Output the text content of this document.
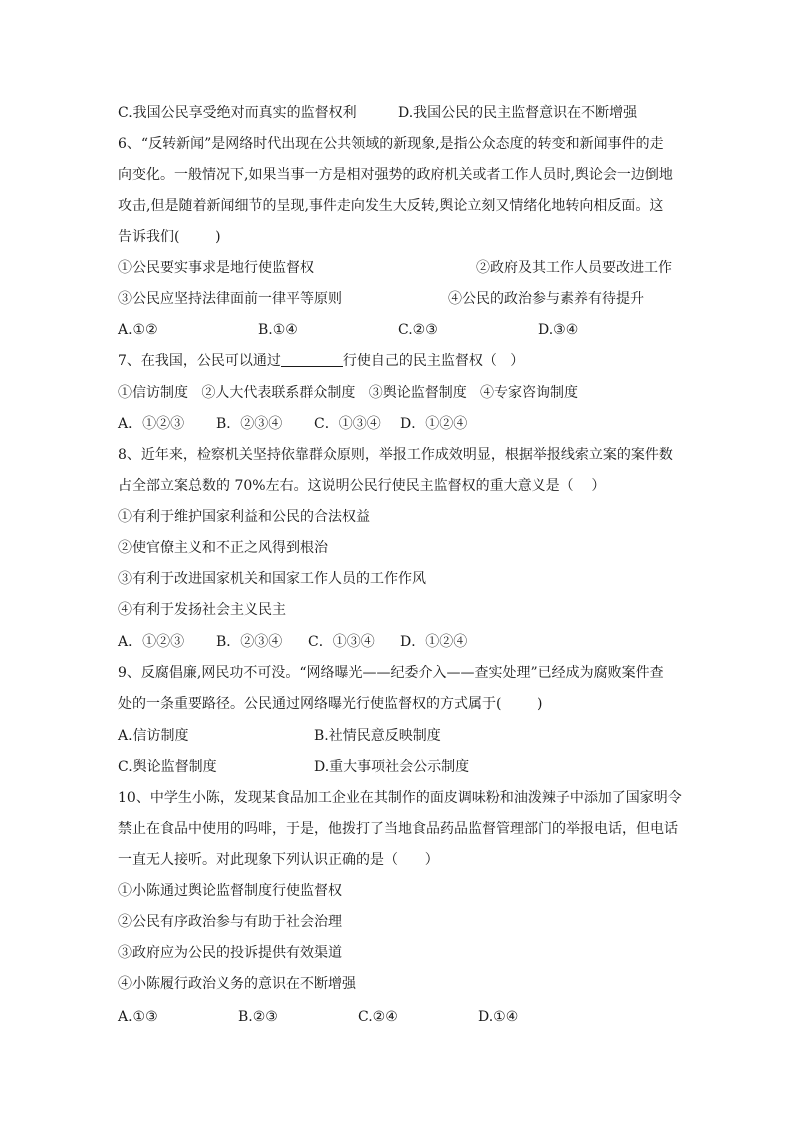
C.我国公民享受绝对而真实的监督权利	D.我国公民的民主监督意识在不断增强
6、“反转新闻”是网络时代出现在公共领域的新现象,是指公众态度的转变和新闻事件的走
向变化。一般情况下,如果当事一方是相对强势的政府机关或者工作人员时,舆论会一边倒地
攻击,但是随着新闻细节的呈现,事件走向发生大反转,舆论立刻又情绪化地转向相反面。这
告诉我们(        )
①公民要实事求是地行使监督权	②政府及其工作人员要改进工作
③公民应坚持法律面前一律平等原则	④公民的政治参与素养有待提升
A.①②	B.①④	C.②③	D.③④
7、在我国，公民可以通过	行使自己的民主监督权（   ）
①信访制度   ②人大代表联系群众制度   ③舆论监督制度   ④专家咨询制度
A．①②③ B．②③④ C．①③④ D．①②④
8、近年来，检察机关坚持依靠群众原则，举报工作成效明显，根据举报线索立案的案件数
占全部立案总数的 70%左右。这说明公民行使民主监督权的重大意义是（    ）
①有利于维护国家利益和公民的合法权益
②使官僚主义和不正之风得到根治
③有利于改进国家机关和国家工作人员的工作作风
④有利于发扬社会主义民主
A．①②③ B．②③④ C．①③④ D．①②④
9、反腐倡廉,网民功不可没。“网络曝光——纪委介入——查实处理”已经成为腐败案件查
处的一条重要路径。公民通过网络曝光行使监督权的方式属于(        )
A.信访制度	B.社情民意反映制度
C.舆论监督制度	D.重大事项社会公示制度
10、中学生小陈，发现某食品加工企业在其制作的面皮调味粉和油泼辣子中添加了国家明令
禁止在食品中使用的吗啡，于是，他拨打了当地食品药品监督管理部门的举报电话，但电话
一直无人接听。对此现象下列认识正确的是（      ）
①小陈通过舆论监督制度行使监督权
②公民有序政治参与有助于社会治理
③政府应为公民的投诉提供有效渠道
④小陈履行政治义务的意识在不断增强
A.①③	B.②③	C.②④	D.①④
